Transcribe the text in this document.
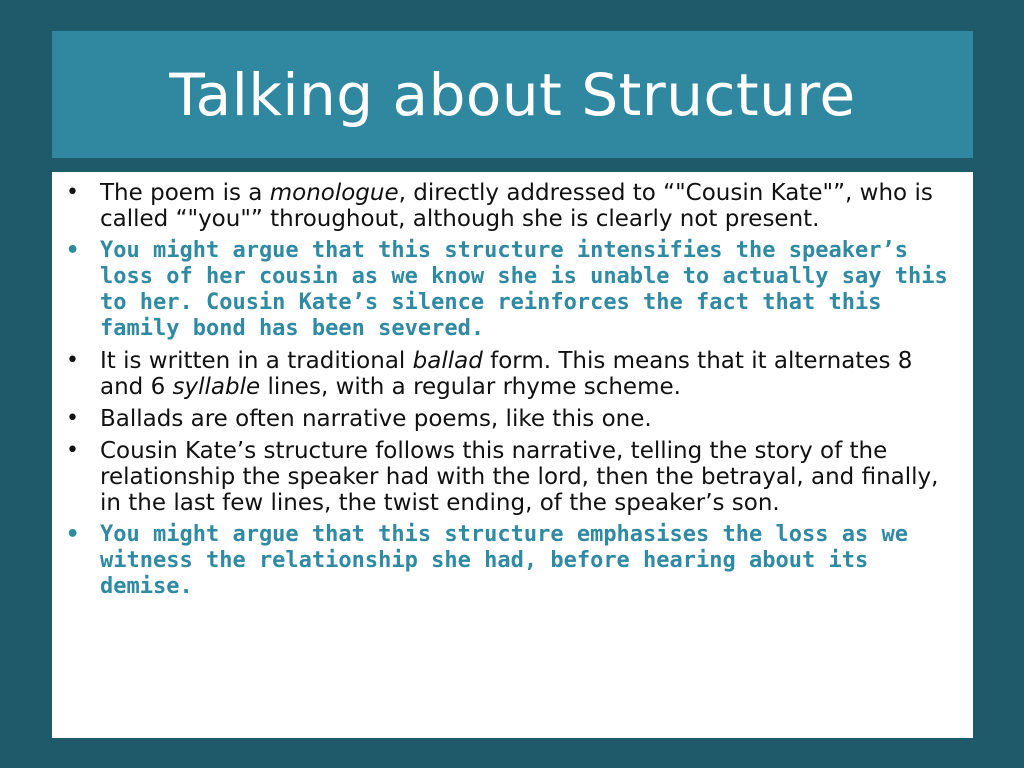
Talking about Structure
• The poem is a monologue, directly addressed to “"Cousin Kate"”, who is called “"you"” throughout, although she is clearly not present.
• You might argue that this structure intensifies the speaker’s loss of her cousin as we know she is unable to actually say this to her. Cousin Kate’s silence reinforces the fact that this family bond has been severed.
• It is written in a traditional ballad form. This means that it alternates 8 and 6 syllable lines, with a regular rhyme scheme.
• Ballads are often narrative poems, like this one.
• Cousin Kate’s structure follows this narrative, telling the story of the relationship the speaker had with the lord, then the betrayal, and finally, in the last few lines, the twist ending, of the speaker’s son.
• You might argue that this structure emphasises the loss as we witness the relationship she had, before hearing about its demise.
